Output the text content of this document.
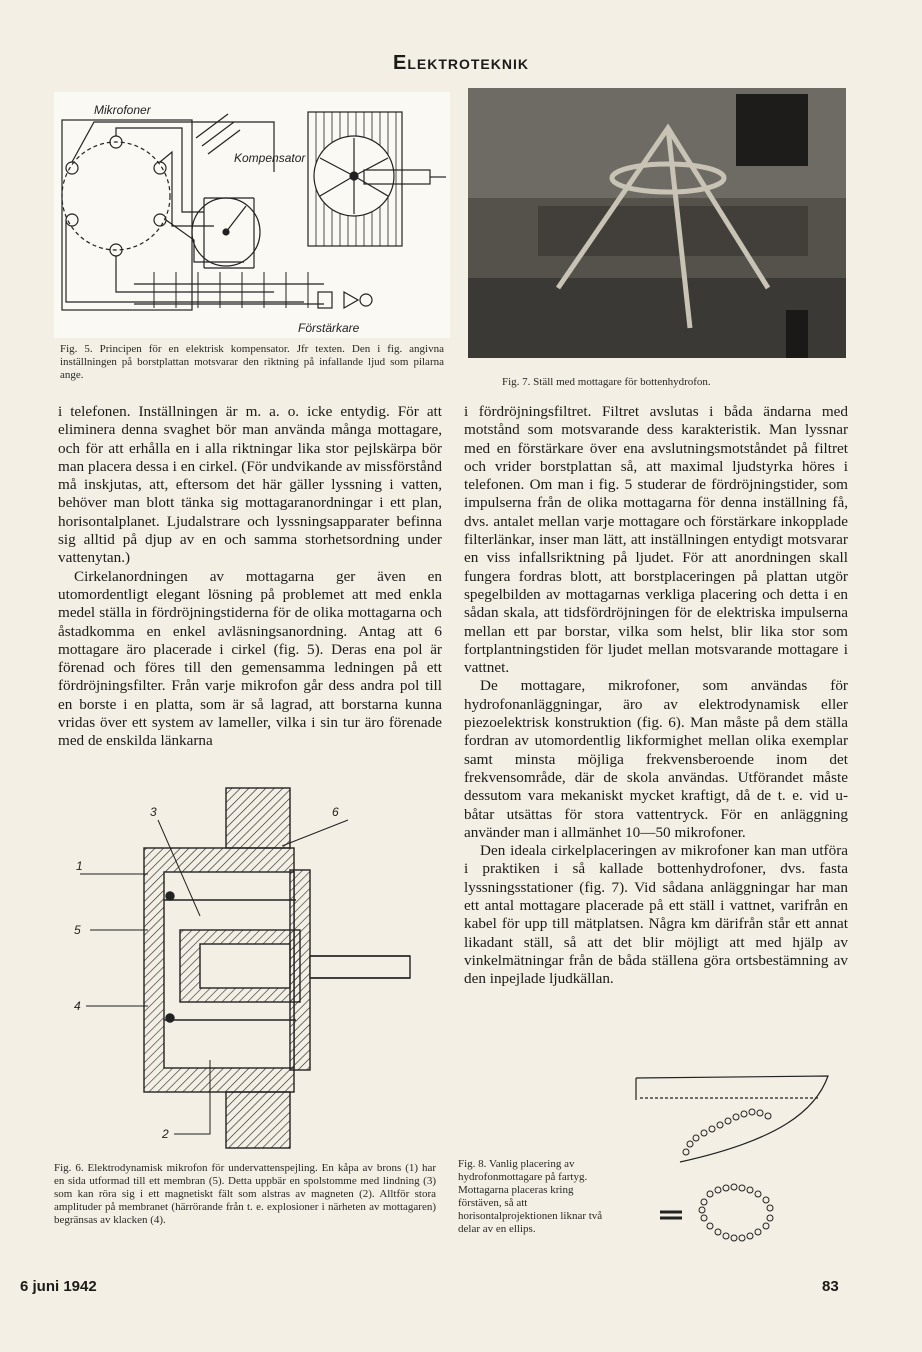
Elektroteknik
Mikrofoner
Kompensator
Förstärkare
Fig. 5. Principen för en elektrisk kompensator. Jfr texten. Den i fig. angivna inställningen på borstplattan motsvarar den riktning på infallande ljud som pilarna ange.
Fig. 7. Ställ med mottagare för bottenhydrofon.

i telefonen. Inställningen är m. a. o. icke entydig. För att eliminera denna svaghet bör man använda många mottagare, och för att erhålla en i alla riktningar lika stor pejlskärpa bör man placera dessa i en cirkel. (För undvikande av missförstånd må inskjutas, att, eftersom det här gäller lyssning i vatten, behöver man blott tänka sig mottagaranordningar i ett plan, horisontalplanet. Ljudalstrare och lyssningsapparater befinna sig alltid på djup av en och samma storhetsordning under vattenytan.)

Cirkelanordningen av mottagarna ger även en utomordentligt elegant lösning på problemet att med enkla medel ställa in fördröjningstiderna för de olika mottagarna och åstadkomma en enkel avläsningsanordning. Antag att 6 mottagare äro placerade i cirkel (fig. 5). Deras ena pol är förenad och föres till den gemensamma ledningen på ett fördröjningsfilter. Från varje mikrofon går dess andra pol till en borste i en platta, som är så lagrad, att borstarna kunna vridas över ett system av lameller, vilka i sin tur äro förenade med de enskilda länkarna

i fördröjningsfiltret. Filtret avslutas i båda ändarna med motstånd som motsvarande dess karakteristik. Man lyssnar med en förstärkare över ena avslutningsmotståndet på filtret och vrider borstplattan så, att maximal ljudstyrka höres i telefonen. Om man i fig. 5 studerar de fördröjningstider, som impulserna från de olika mottagarna för denna inställning få, dvs. antalet mellan varje mottagare och förstärkare inkopplade filterlänkar, inser man lätt, att inställningen entydigt motsvarar en viss infallsriktning på ljudet. För att anordningen skall fungera fordras blott, att borstplaceringen på plattan utgör spegelbilden av mottagarnas verkliga placering och detta i en sådan skala, att tidsfördröjningen för de elektriska impulserna mellan ett par borstar, vilka som helst, blir lika stor som fortplantningstiden för ljudet mellan motsvarande mottagare i vattnet.

De mottagare, mikrofoner, som användas för hydrofonanläggningar, äro av elektrodynamisk eller piezoelektrisk konstruktion (fig. 6). Man måste på dem ställa fordran av utomordentlig likformighet mellan olika exemplar samt minsta möjliga frekvensberoende inom det frekvensområde, där de skola användas. Utförandet måste dessutom vara mekaniskt mycket kraftigt, då de t. e. vid u-båtar utsättas för stora vattentryck. För en anläggning använder man i allmänhet 10—50 mikrofoner.

Den ideala cirkelplaceringen av mikrofoner kan man utföra i praktiken i så kallade bottenhydrofoner, dvs. fasta lyssningsstationer (fig. 7). Vid sådana anläggningar har man ett antal mottagare placerade på ett ställ i vattnet, varifrån en kabel för upp till mätplatsen. Några km därifrån står ett annat likadant ställ, så att det blir möjligt att med hjälp av vinkelmätningar från de båda ställena göra ortsbestämning av den inpejlade ljudkällan.

3	6
1
5
4
2
Fig. 6. Elektrodynamisk mikrofon för undervattenspejling. En kåpa av brons (1) har en sida utformad till ett membran (5). Detta uppbär en spolstomme med lindning (3) som kan röra sig i ett magnetiskt fält som alstras av magneten (2). Alltför stora amplituder på membranet (härrörande från t. e. explosioner i närheten av mottagaren) begränsas av klacken (4).
Fig. 8. Vanlig placering av hydrofonmottagare på fartyg. Mottagarna placeras kring förstäven, så att horisontalprojektionen liknar två delar av en ellips.
6 juni 1942	83
